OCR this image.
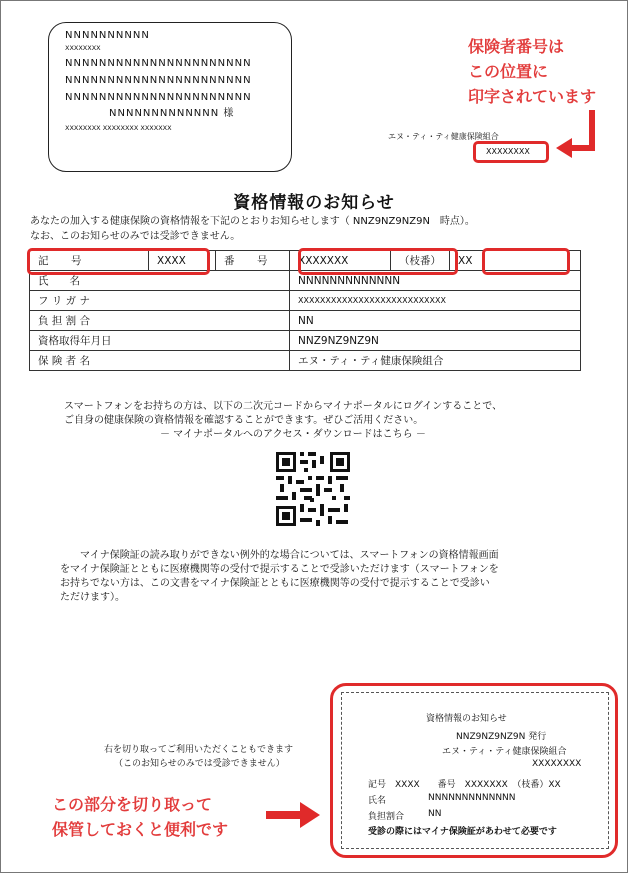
NNNNNNNNNN
XXXXXXXX
NNNNNNNNNNNNNNNNNNNNNN
NNNNNNNNNNNNNNNNNNNNNN
NNNNNNNNNNNNNNNNNNNNNN
NNNNNNNNNNNNN 様
XXXXXXXX XXXXXXXX XXXXXXX
保険者番号は
この位置に
印字されています
エヌ・ティ・ティ健康保険組合
XXXXXXXX
資格情報のお知らせ
あなたの加入する健康保険の資格情報を下記のとおりお知らせします（ NNZ9NZ9NZ9N　時点）。
なお、このお知らせのみでは受診できません。
記　号	XXXX	番　号	XXXXXXX	（枝番）	XX
氏　　名			NNNNNNNNNNNNN		
フ リ ガ ナ			XXXXXXXXXXXXXXXXXXXXXXXXXXX		
負 担 割 合			NN		
資格取得年月日			NNZ9NZ9NZ9N		
保 険 者 名			エヌ・ティ・ティ健康保険組合		
スマートフォンをお持ちの方は、以下の二次元コードからマイナポータルにログインすることで、
ご自身の健康保険の資格情報を確認することができます。ぜひご活用ください。
－ マイナポータルへのアクセス・ダウンロードはこちら －
マイナ保険証の読み取りができない例外的な場合については、スマートフォンの資格情報画面
をマイナ保険証とともに医療機関等の受付で提示することで受診いただけます（スマートフォンを
お持ちでない方は、この文書をマイナ保険証とともに医療機関等の受付で提示することで受診い
ただけます）。
右を切り取ってご利用いただくこともできます
（このお知らせのみでは受診できません）
この部分を切り取って
保管しておくと便利です
資格情報のお知らせ
NNZ9NZ9NZ9N 発行
エヌ・ティ・ティ健康保険組合
XXXXXXXX
記号　XXXX　　番号　XXXXXXX　（枝番）XX
氏名	NNNNNNNNNNNNN
負担割合	NN
受診の際にはマイナ保険証があわせて必要です
